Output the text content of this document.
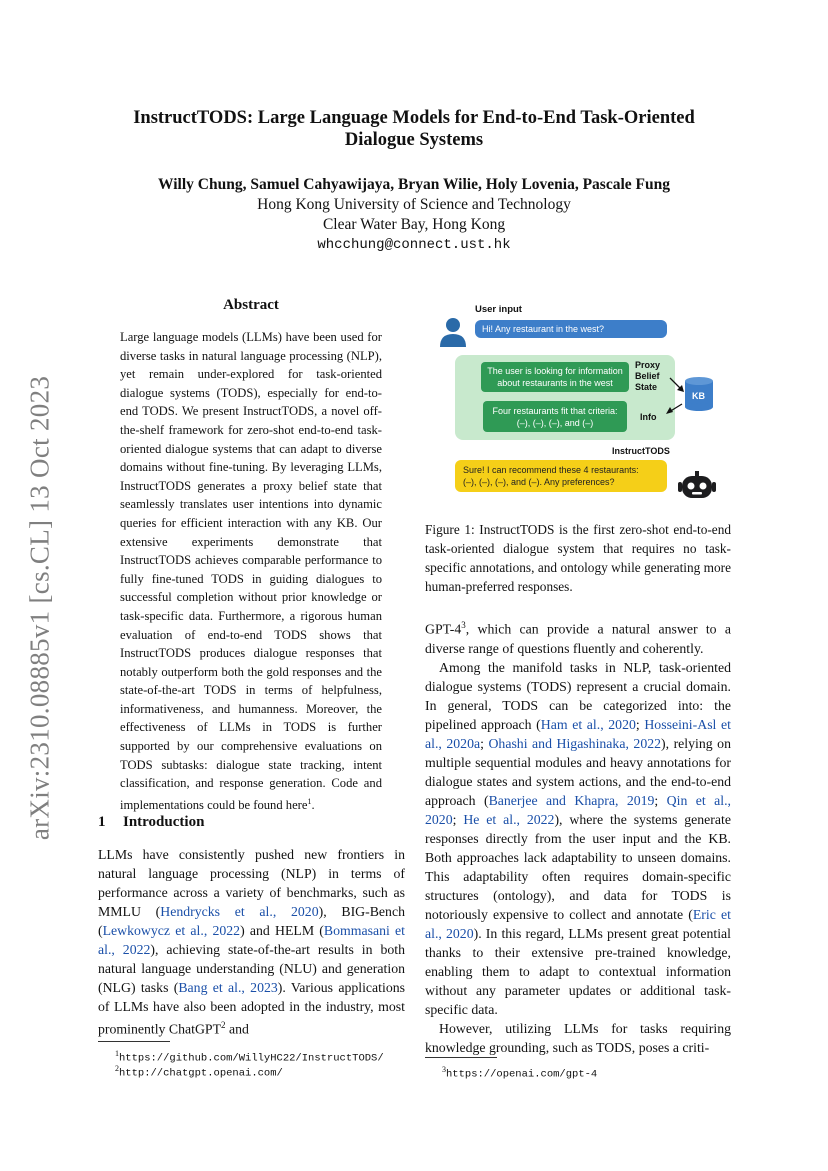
arXiv:2310.08885v1 [cs.CL] 13 Oct 2023
InstructTODS: Large Language Models for End-to-End Task-Oriented
Dialogue Systems
Willy Chung, Samuel Cahyawijaya, Bryan Wilie, Holy Lovenia, Pascale Fung
Hong Kong University of Science and Technology
Clear Water Bay, Hong Kong
whcchung@connect.ust.hk
Abstract

Large language models (LLMs) have been used for diverse tasks in natural language processing (NLP), yet remain under-explored for task-oriented dialogue systems (TODS), especially for end-to-end TODS. We present InstructTODS, a novel off-the-shelf framework for zero-shot end-to-end task-oriented dialogue systems that can adapt to diverse domains without fine-tuning. By leveraging LLMs, InstructTODS generates a proxy belief state that seamlessly translates user intentions into dynamic queries for efficient interaction with any KB. Our extensive experiments demonstrate that InstructTODS achieves comparable performance to fully fine-tuned TODS in guiding dialogues to successful completion without prior knowledge or task-specific data. Furthermore, a rigorous human evaluation of end-to-end TODS shows that InstructTODS produces dialogue responses that notably outperform both the gold responses and the state-of-the-art TODS in terms of helpfulness, informativeness, and humanness. Moreover, the effectiveness of LLMs in TODS is further supported by our comprehensive evaluations on TODS subtasks: dialogue state tracking, intent classification, and response generation. Code and implementations could be found here$^1$.

1 Introduction

LLMs have consistently pushed new frontiers in natural language processing (NLP) in terms of performance across a variety of benchmarks, such as MMLU (Hendrycks et al., 2020), BIG-Bench (Lewkowycz et al., 2022) and HELM (Bommasani et al., 2022), achieving state-of-the-art results in both natural language understanding (NLU) and generation (NLG) tasks (Bang et al., 2023). Various applications of LLMs have also been adopted in the industry, most prominently ChatGPT$^2$ and

$^1$https://github.com/WillyHC22/InstructTODS/
$^2$http://chatgpt.openai.com/
User input
Hi! Any restaurant in the west?
The user is looking for information
about restaurants in the west
Proxy
Belief
State
Four restaurants fit that criteria:
(–), (–), (–), and (–)
Info
KB
InstructTODS
Sure! I can recommend these 4 restaurants:
(–), (–), (–), and (–). Any preferences?
Figure 1: InstructTODS is the first zero-shot end-to-end task-oriented dialogue system that requires no task-specific annotations, and ontology while generating more human-preferred responses.

GPT-$4^3$, which can provide a natural answer to a diverse range of questions fluently and coherently.

Among the manifold tasks in NLP, task-oriented dialogue systems (TODS) represent a crucial domain. In general, TODS can be categorized into: the pipelined approach (Ham et al., 2020; Hosseini-Asl et al., 2020a; Ohashi and Higashinaka, 2022), relying on multiple sequential modules and heavy annotations for dialogue states and system actions, and the end-to-end approach (Banerjee and Khapra, 2019; Qin et al., 2020; He et al., 2022), where the systems generate responses directly from the user input and the KB. Both approaches lack adaptability to unseen domains. This adaptability often requires domain-specific structures (ontology), and data for TODS is notoriously expensive to collect and annotate (Eric et al., 2020). In this regard, LLMs present great potential thanks to their extensive pre-trained knowledge, enabling them to adapt to contextual information without any parameter updates or additional task-specific data.

However, utilizing LLMs for tasks requiring knowledge grounding, such as TODS, poses a criti-

$^3$https://openai.com/gpt-4
